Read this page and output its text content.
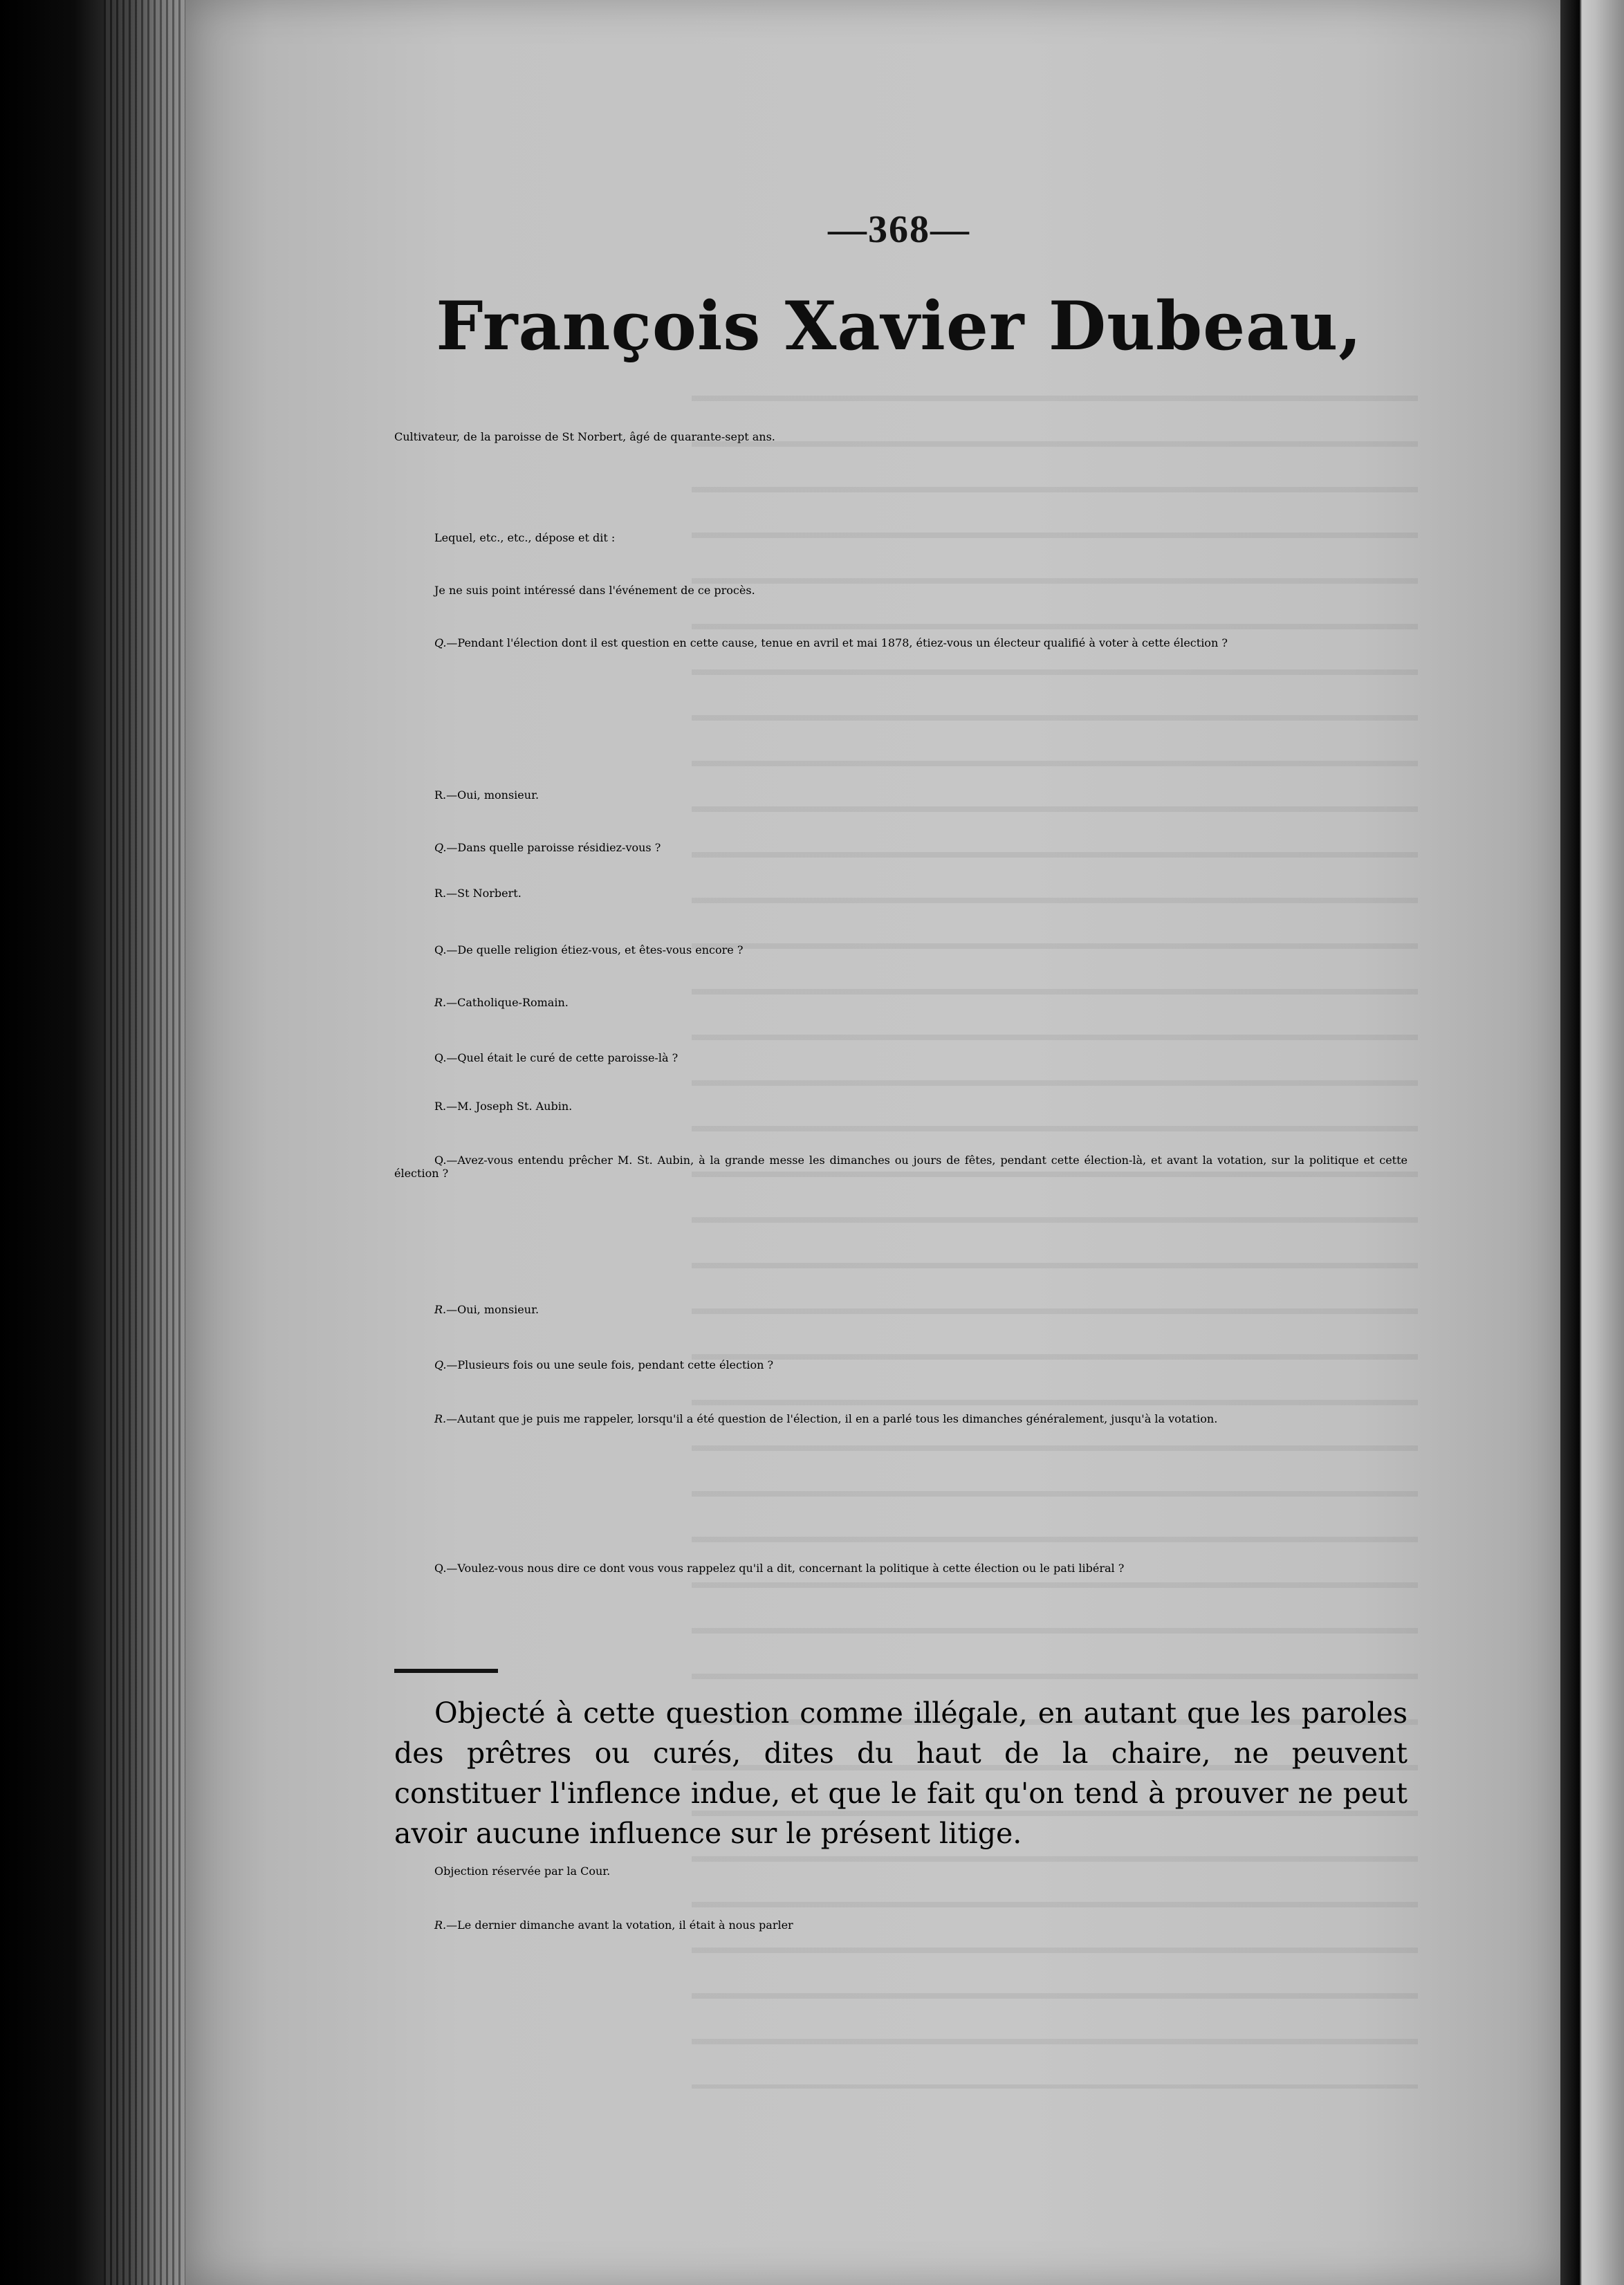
—368—
François Xavier Dubeau,

Cultivateur, de la paroisse de St Norbert, âgé de quarante-sept ans.

Lequel, etc., etc., dépose et dit :

Je ne suis point intéressé dans l'événement de ce procès.

Q.—Pendant l'élection dont il est question en cette cause, tenue en avril et mai 1878, étiez-vous un électeur qualifié à voter à cette élection ?

R.—Oui, monsieur.

Q.—Dans quelle paroisse résidiez-vous ?

R.—St Norbert.

Q.—De quelle religion étiez-vous, et êtes-vous encore ?

R.—Catholique-Romain.

Q.—Quel était le curé de cette paroisse-là ?

R.—M. Joseph St. Aubin.

Q.—Avez-vous entendu prêcher M. St. Aubin, à la grande messe les dimanches ou jours de fêtes, pendant cette élection-là, et avant la votation, sur la politique et cette élection ?

R.—Oui, monsieur.

Q.—Plusieurs fois ou une seule fois, pendant cette élection ?

R.—Autant que je puis me rappeler, lorsqu'il a été question de l'élection, il en a parlé tous les dimanches généralement, jusqu'à la votation.

Q.—Voulez-vous nous dire ce dont vous vous rappelez qu'il a dit, concernant la politique à cette élection ou le pati libéral ?

Objecté à cette question comme illégale, en autant que les paroles des prêtres ou curés, dites du haut de la chaire, ne peuvent constituer l'inflence indue, et que le fait qu'on tend à prouver ne peut avoir aucune influence sur le présent litige.

Objection réservée par la Cour.

R.—Le dernier dimanche avant la votation, il était à nous parler
